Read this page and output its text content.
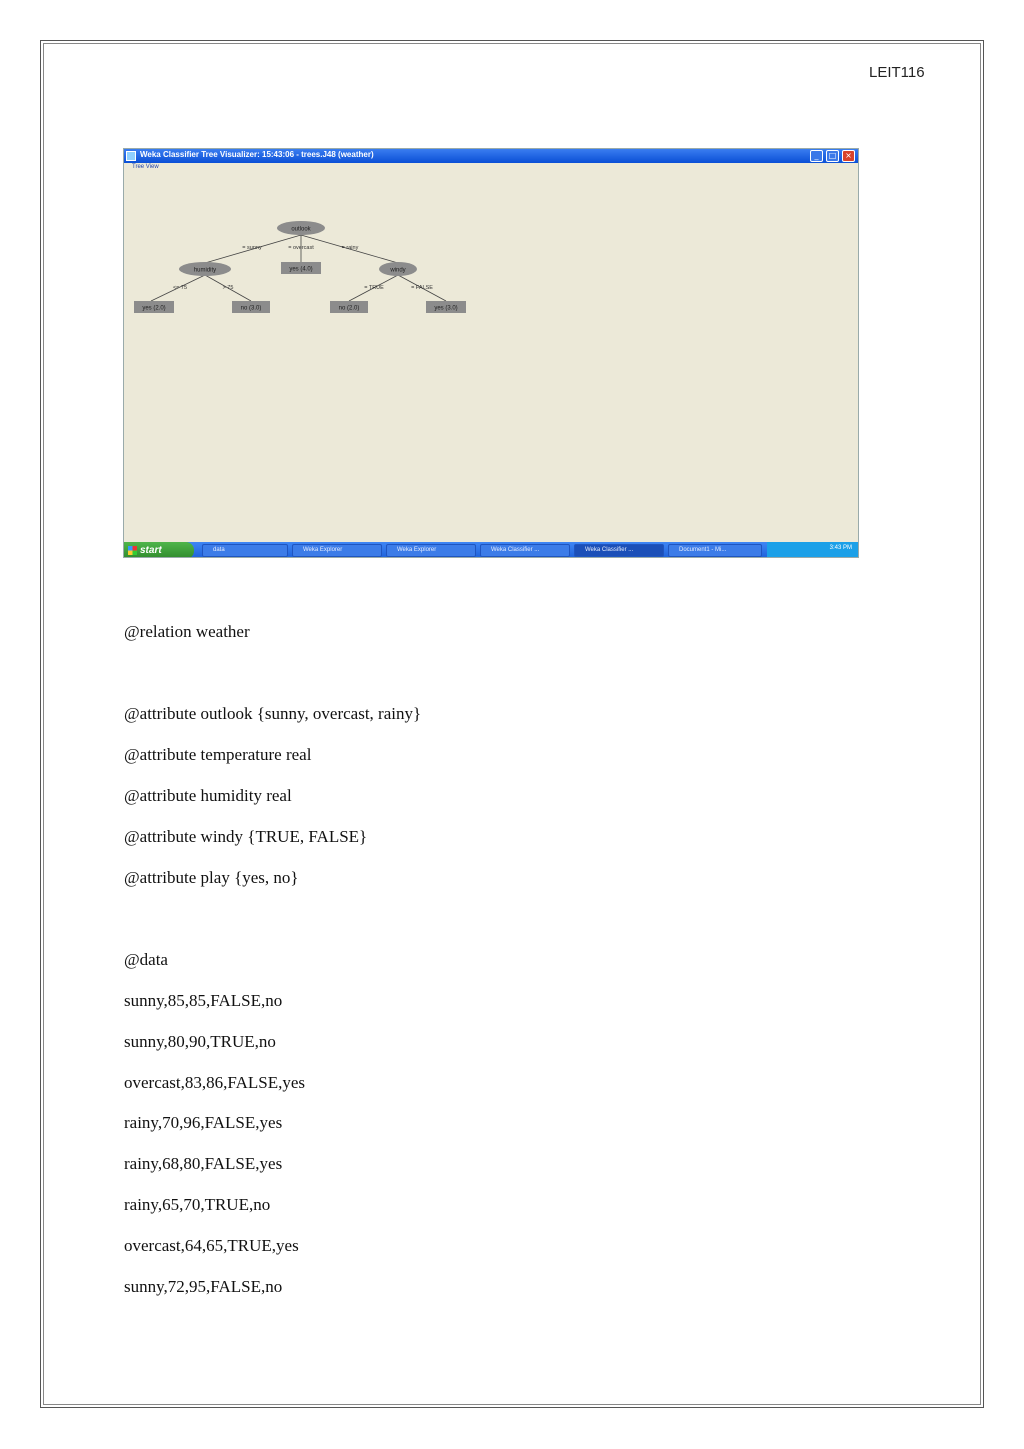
LEIT116
Weka Classifier Tree Visualizer: 15:43:06 - trees.J48 (weather)	_	□	×
Tree View
outlook
= sunny	= overcast	= rainy
humidity	yes (4.0)	windy
<= 75	> 75	= TRUE	= FALSE
yes (2.0)	no (3.0)	no (2.0)	yes (3.0)
start	data	Weka Explorer	Weka Explorer	Weka Classifier ...	Weka Classifier ...	Document1 - Mi...	3:43 PM
@relation weather
@attribute outlook {sunny, overcast, rainy}
@attribute temperature real
@attribute humidity real
@attribute windy {TRUE, FALSE}
@attribute play {yes, no}
@data
sunny,85,85,FALSE,no
sunny,80,90,TRUE,no
overcast,83,86,FALSE,yes
rainy,70,96,FALSE,yes
rainy,68,80,FALSE,yes
rainy,65,70,TRUE,no
overcast,64,65,TRUE,yes
sunny,72,95,FALSE,no
